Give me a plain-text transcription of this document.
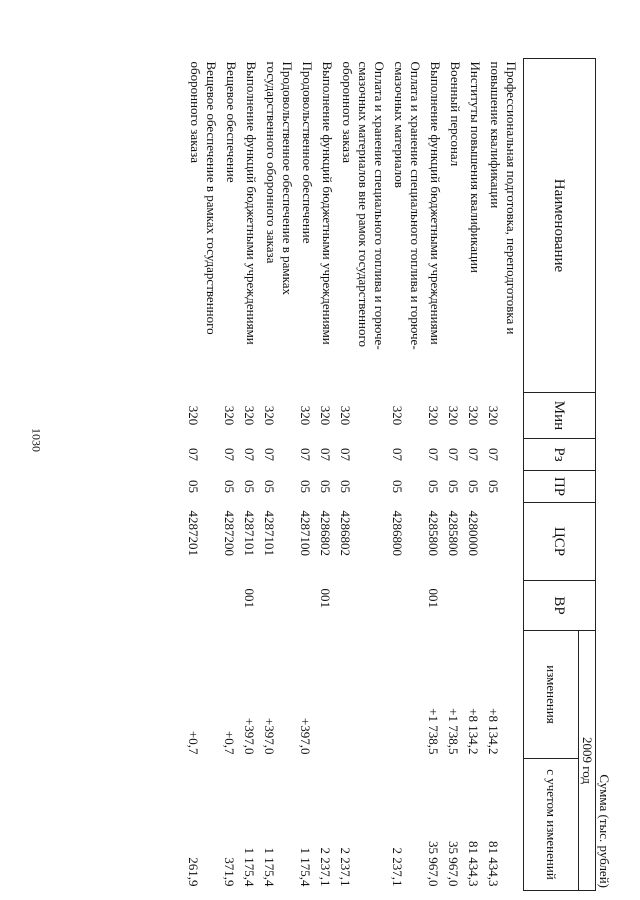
1030
Сумма (тыс. рублей)
Наименование	Мин	Рз	ПР	ЦСР	ВР	2009 год	
						изменения	с учетом изменений
Профессиональная подготовка, переподготовка и повышение квалификации	320	07	05			+8 134,2	81 434,3
Институты повышения квалификации	320	07	05	4280000		+8 134,2	81 434,3
Военный персонал	320	07	05	4285800		+1 738,5	35 967,0
Выполнение функций бюджетными учреждениями	320	07	05	4285800	001	+1 738,5	35 967,0
Оплата и хранение специального топлива и горюче-смазочных материалов	320	07	05	4286800			2 237,1
Оплата и хранение специального топлива и горюче-смазочных материалов вне рамок государственного оборонного заказа	320	07	05	4286802			2 237,1
Выполнение функций бюджетными учреждениями	320	07	05	4286802	001		2 237,1
Продовольственное обеспечение	320	07	05	4287100		+397,0	1 175,4
Продовольственное обеспечение в рамках государственного оборонного заказа	320	07	05	4287101		+397,0	1 175,4
Выполнение функций бюджетными учреждениями	320	07	05	4287101	001	+397,0	1 175,4
Вещевое обеспечение	320	07	05	4287200		+0,7	371,9
Вещевое обеспечение в рамках государственного оборонного заказа	320	07	05	4287201		+0,7	261,9
